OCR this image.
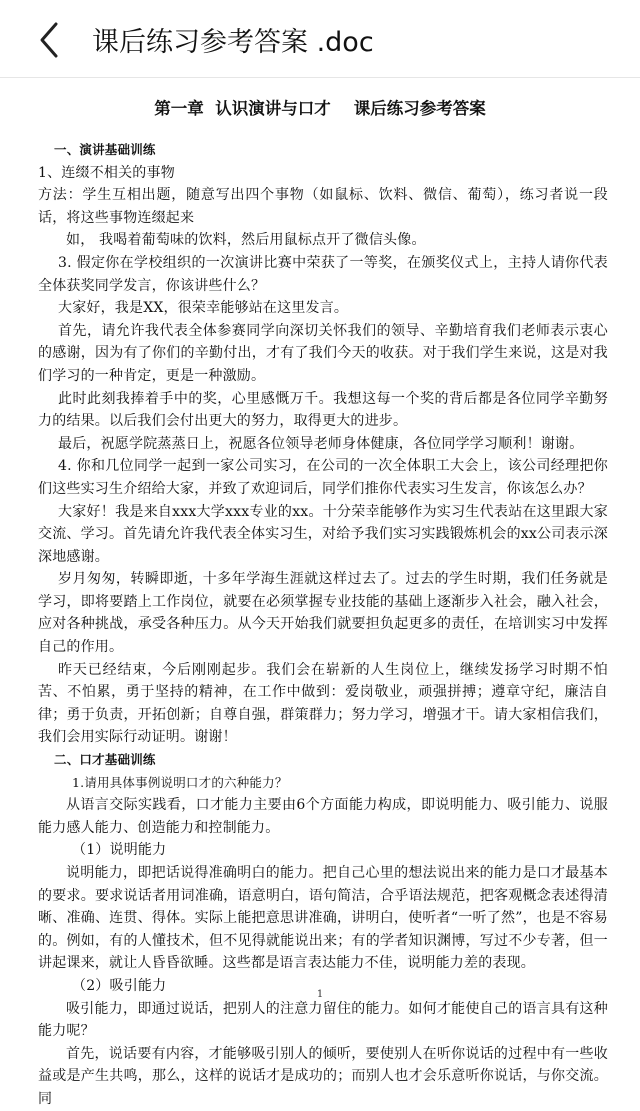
课后练习参考答案 .doc
第一章  认识演讲与口才    课后练习参考答案

一、演讲基础训练

1、连缀不相关的事物

方法：学生互相出题，随意写出四个事物（如鼠标、饮料、微信、葡萄），练习者说一段话，将这些事物连缀起来

如， 我喝着葡萄味的饮料，然后用鼠标点开了微信头像。

3. 假定你在学校组织的一次演讲比赛中荣获了一等奖，在颁奖仪式上，主持人请你代表全体获奖同学发言，你该讲些什么？

大家好，我是XX，很荣幸能够站在这里发言。

首先，请允许我代表全体参赛同学向深切关怀我们的领导、辛勤培育我们老师表示衷心的感谢，因为有了你们的辛勤付出，才有了我们今天的收获。对于我们学生来说，这是对我们学习的一种肯定，更是一种激励。

此时此刻我捧着手中的奖，心里感慨万千。我想这每一个奖的背后都是各位同学辛勤努力的结果。以后我们会付出更大的努力，取得更大的进步。

最后，祝愿学院蒸蒸日上，祝愿各位领导老师身体健康，各位同学学习顺利！谢谢。

4. 你和几位同学一起到一家公司实习，在公司的一次全体职工大会上，该公司经理把你们这些实习生介绍给大家，并致了欢迎词后，同学们推你代表实习生发言，你该怎么办？

大家好！我是来自xxx大学xxx专业的xx。十分荣幸能够作为实习生代表站在这里跟大家交流、学习。首先请允许我代表全体实习生，对给予我们实习实践锻炼机会的xx公司表示深深地感谢。

岁月匆匆，转瞬即逝，十多年学海生涯就这样过去了。过去的学生时期，我们任务就是学习，即将要踏上工作岗位，就要在必须掌握专业技能的基础上逐渐步入社会，融入社会，应对各种挑战，承受各种压力。从今天开始我们就要担负起更多的责任，在培训实习中发挥自己的作用。

昨天已经结束，今后刚刚起步。我们会在崭新的人生岗位上，继续发扬学习时期不怕苦、不怕累，勇于坚持的精神，在工作中做到：爱岗敬业，顽强拼搏；遵章守纪，廉洁自律；勇于负责，开拓创新；自尊自强，群策群力；努力学习，增强才干。请大家相信我们，我们会用实际行动证明。谢谢！

二、口才基础训练

1.请用具体事例说明口才的六种能力？

从语言交际实践看，口才能力主要由6个方面能力构成，即说明能力、吸引能力、说服能力感人能力、创造能力和控制能力。

（1）说明能力

说明能力，即把话说得准确明白的能力。把自己心里的想法说出来的能力是口才最基本的要求。要求说话者用词准确，语意明白，语句简洁，合乎语法规范，把客观概念表述得清晰、准确、连贯、得体。实际上能把意思讲准确，讲明白，使听者“一听了然”，也是不容易的。例如，有的人懂技术，但不见得就能说出来；有的学者知识渊博，写过不少专著，但一讲起课来，就让人昏昏欲睡。这些都是语言表达能力不佳，说明能力差的表现。

（2）吸引能力

吸引能力，即通过说话，把别人的注意力留住的能力。如何才能使自己的语言具有这种能力呢？

首先，说话要有内容，才能够吸引别人的倾听，要使别人在听你说话的过程中有一些收益或是产生共鸣，那么，这样的说话才是成功的；而别人也才会乐意听你说话，与你交流。同

1
